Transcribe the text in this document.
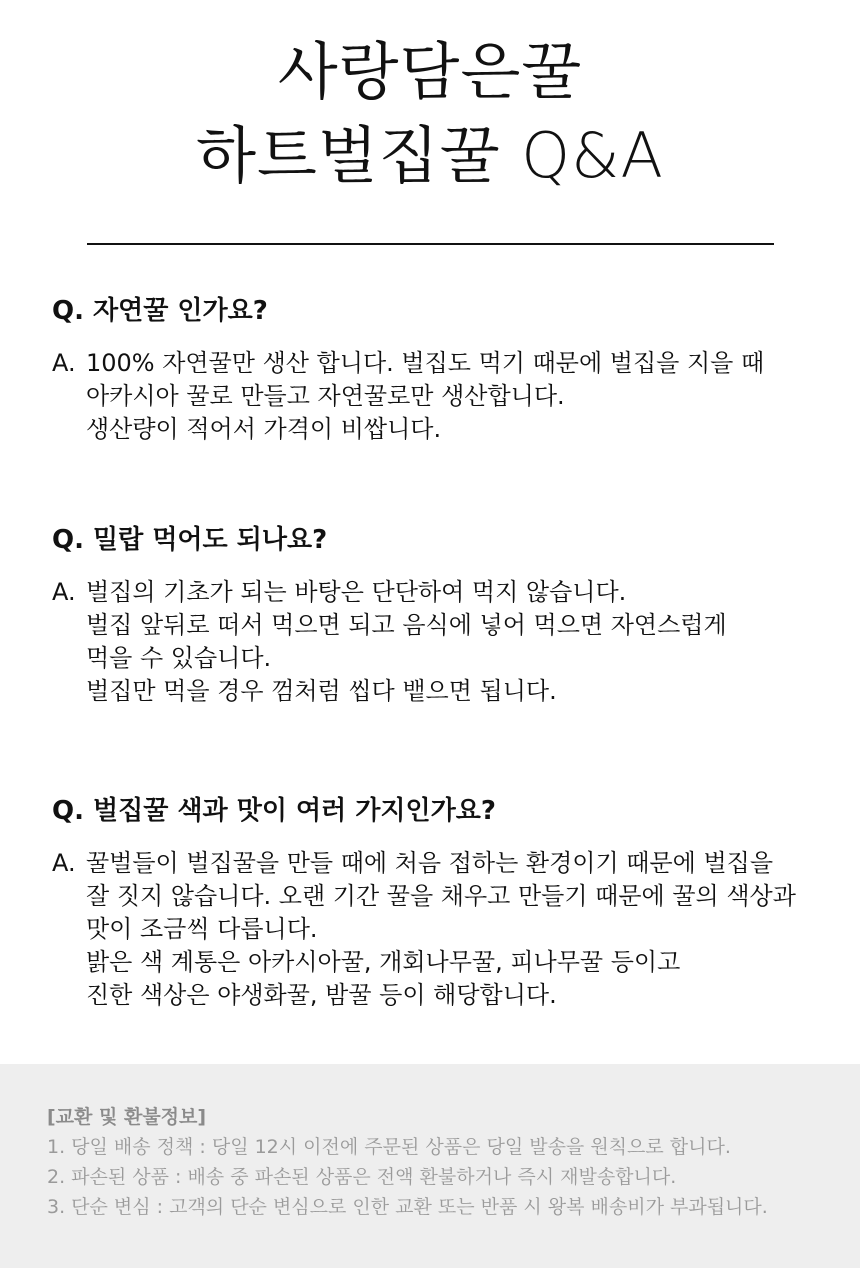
사랑담은꿀
하트벌집꿀 Q&A
Q. 자연꿀 인가요?
A. 100% 자연꿀만 생산 합니다. 벌집도 먹기 때문에 벌집을 지을 때
아카시아 꿀로 만들고 자연꿀로만 생산합니다.
생산량이 적어서 가격이 비쌉니다.
Q. 밀랍 먹어도 되나요?
A. 벌집의 기초가 되는 바탕은 단단하여 먹지 않습니다.
벌집 앞뒤로 떠서 먹으면 되고 음식에 넣어 먹으면 자연스럽게
먹을 수 있습니다.
벌집만 먹을 경우 껌처럼 씹다 뱉으면 됩니다.
Q. 벌집꿀 색과 맛이 여러 가지인가요?
A. 꿀벌들이 벌집꿀을 만들 때에 처음 접하는 환경이기 때문에 벌집을
잘 짓지 않습니다. 오랜 기간 꿀을 채우고 만들기 때문에 꿀의 색상과
맛이 조금씩 다릅니다.
밝은 색 계통은 아카시아꿀, 개회나무꿀, 피나무꿀 등이고
진한 색상은 야생화꿀, 밤꿀 등이 해당합니다.
[교환 및 환불정보]
1. 당일 배송 정책 : 당일 12시 이전에 주문된 상품은 당일 발송을 원칙으로 합니다.
2. 파손된 상품 : 배송 중 파손된 상품은 전액 환불하거나 즉시 재발송합니다.
3. 단순 변심 : 고객의 단순 변심으로 인한 교환 또는 반품 시 왕복 배송비가 부과됩니다.
